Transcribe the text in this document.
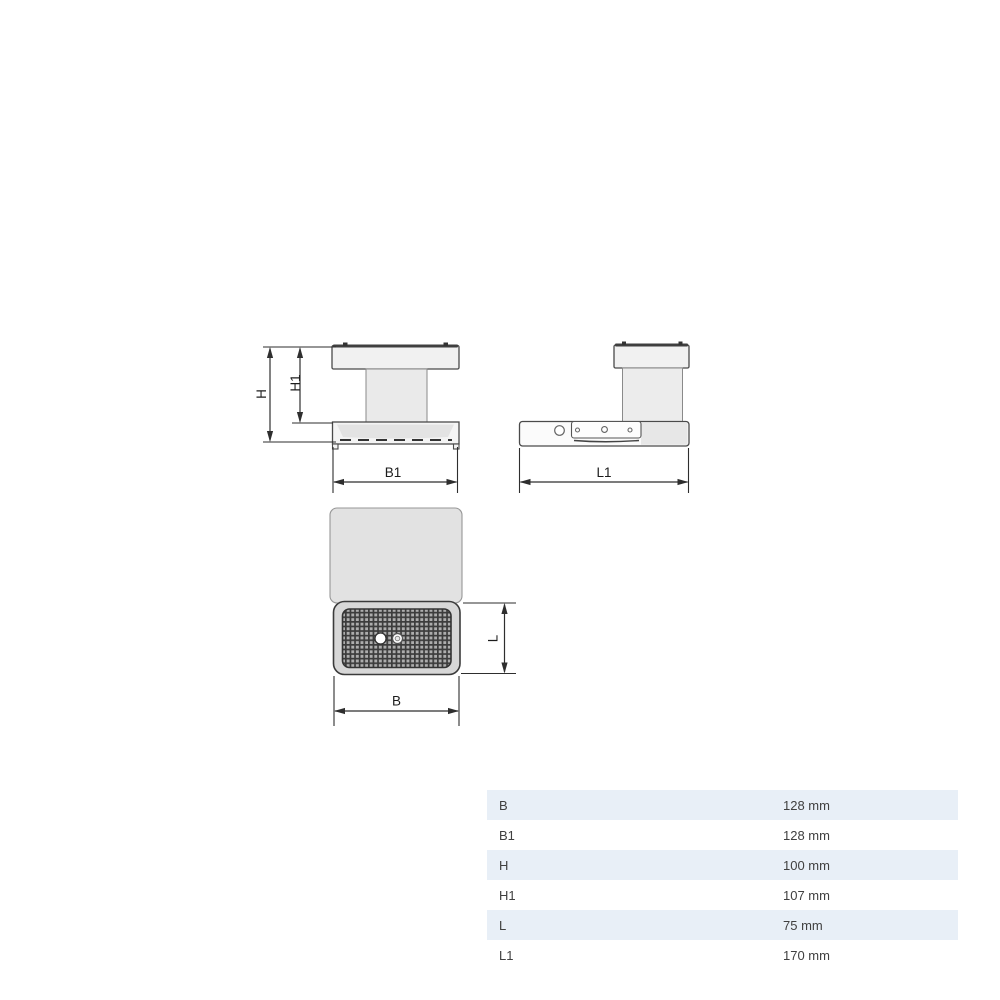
H
H1
B1	L1
L
B
B	128 mm
B1	128 mm
H	100 mm
H1	107 mm
L	75 mm
L1	170 mm
